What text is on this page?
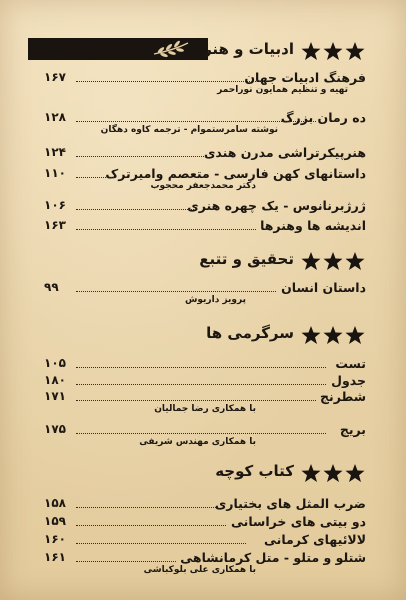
ادبیات و هنر
فرهنگ ادبیات جهان
۱۶۷
تهیه و تنظیم همایون نوراحمر
ده رمان بزرگ
۱۲۸
نوشته سامرستموام - ترجمه کاوه دهگان
هنرپیکرتراشی مدرن هندی
۱۲۴
داستانهای کهن فارسی - متعصم وامیرترک
۱۱۰
دکتر محمدجعفر محجوب
ژرژبرنانوس - یک چهره هنری
۱۰۶
اندیشه ها وهنرها
۱۶۳
تحقیق و تتبع
داستان انسان
۹۹
پرویز داریوش
سرگرمی ها
تست
۱۰۵
جدول
۱۸۰
شطرنج
۱۷۱
با همکاری رضا جمالیان
بریج
۱۷۵
با همکاری مهندس شریفی
کتاب کوچه
ضرب المثل های بختیاری
۱۵۸
دو بیتی های خراسانی
۱۵۹
لالائیهای کرمانی
۱۶۰
شتلو و متلو - متل کرمانشاهی
۱۶۱
با همکاری علی بلوکباشی
